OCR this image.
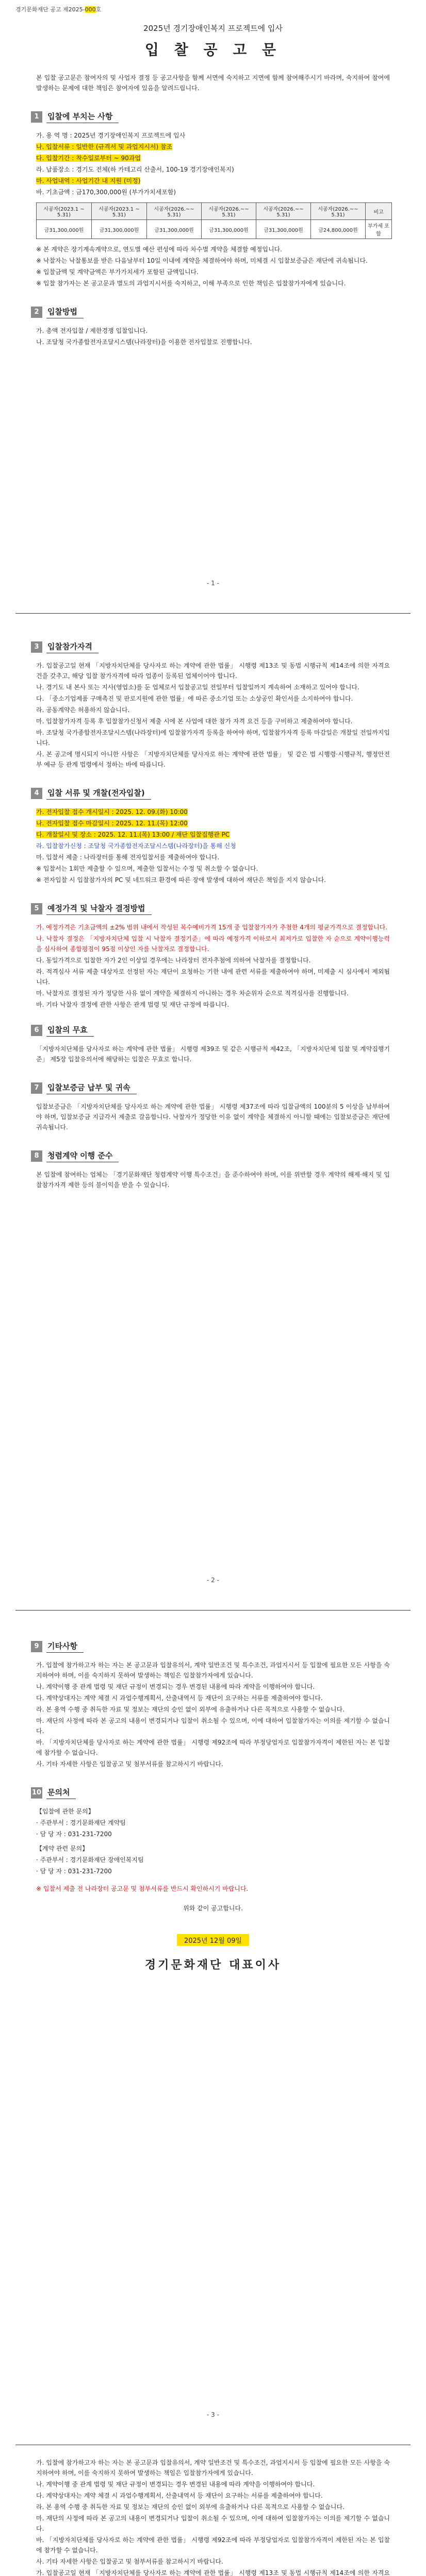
경기문화재단 공고 제2025-000호
2025년 경기장애인복지 프로젝트에 입사
입 찰 공 고 문
본 입찰 공고문은 참여자의 및 사업자 결정 등 공고사항을 함께 서면에 숙지하고 지면에 함께 참여해주시기 바라며, 숙지하여 참여에 발생하는 문제에 대한 책임은 참여자에 있음을 알려드립니다.
1	입찰에 부치는 사항
가. 용 역 명 : 2025년 경기장애인복지 프로젝트에 입사
나. 입찰서류 : 일반한 (규격서 및 과업지시서) 참조
다. 입찰기간 : 착수일로부터 ~ 90과업
라. 납품장소 : 경기도 전체(하 카테고리 산출서, 100-19 경기장애인복지)
마. 사업내역 : 사업기간 내 지원 (미정)
바. 기초금액 : 금170,300,000원 (부가가치세포함)
시공자(2023.1 ~ 5.31)	시공자(2023.1 ~ 5.31)	시공자(2026.~~ 5.31)	시공자(2026.~~ 5.31)	시공자(2026.~~ 5.31)	시공자(2026.~~ 5.31)	비고
금31,300,000원	금31,300,000원	금31,300,000원	금31,300,000원	금31,300,000원	금24,800,000원	부가세 포함
※ 본 계약은 장기계속계약으로, 연도별 예산 편성에 따라 차수별 계약을 체결할 예정입니다.
※ 낙찰자는 낙찰통보를 받은 다음날부터 10일 이내에 계약을 체결하여야 하며, 미체결 시 입찰보증금은 재단에 귀속됩니다.
※ 입찰금액 및 계약금액은 부가가치세가 포함된 금액입니다.
※ 입찰 참가자는 본 공고문과 별도의 과업지시서를 숙지하고, 이해 부족으로 인한 책임은 입찰참가자에게 있습니다.
2	입찰방법
가. 총액 전자입찰 / 제한경쟁 입찰입니다.
나. 조달청 국가종합전자조달시스템(나라장터)을 이용한 전자입찰로 진행합니다.
- 1 -
3	입찰참가자격
가. 입찰공고일 현재 「지방자치단체를 당사자로 하는 계약에 관한 법률」 시행령 제13조 및 동법 시행규칙 제14조에 의한 자격요건을 갖추고, 해당 입찰 참가자격에 따라 업종이 등록된 업체이어야 합니다.
나. 경기도 내 본사 또는 지사(영업소)를 둔 업체로서 입찰공고일 전일부터 입찰일까지 계속하여 소재하고 있어야 합니다.
다. 「중소기업제품 구매촉진 및 판로지원에 관한 법률」에 따른 중소기업 또는 소상공인 확인서를 소지하여야 합니다.
라. 공동계약은 허용하지 않습니다.
마. 입찰참가자격 등록 후 입찰참가신청서 제출 시에 본 사업에 대한 참가 자격 요건 등을 구비하고 제출하여야 합니다.
바. 조달청 국가종합전자조달시스템(나라장터)에 입찰참가자격 등록을 하여야 하며, 입찰참가자격 등록 마감일은 개찰일 전일까지입니다.
사. 본 공고에 명시되지 아니한 사항은 「지방자치단체를 당사자로 하는 계약에 관한 법률」 및 같은 법 시행령·시행규칙, 행정안전부 예규 등 관계 법령에서 정하는 바에 따릅니다.
4	입찰 서류 및 개찰(전자입찰)
가. 전자입찰 접수 개시일시 : 2025. 12. 09.(화) 10:00
나. 전자입찰 접수 마감일시 : 2025. 12. 11.(목) 12:00
다. 개찰일시 및 장소 : 2025. 12. 11.(목) 13:00 / 재단 입찰집행관 PC
라. 입찰참가신청 : 조달청 국가종합전자조달시스템(나라장터)을 통해 신청
마. 입찰서 제출 : 나라장터를 통해 전자입찰서를 제출하여야 합니다.
※ 입찰서는 1회만 제출할 수 있으며, 제출한 입찰서는 수정 및 취소할 수 없습니다.
※ 전자입찰 시 입찰참가자의 PC 및 네트워크 환경에 따른 장애 발생에 대하여 재단은 책임을 지지 않습니다.
5	예정가격 및 낙찰자 결정방법
가. 예정가격은 기초금액의 ±2% 범위 내에서 작성된 복수예비가격 15개 중 입찰참가자가 추첨한 4개의 평균가격으로 결정합니다.
나. 낙찰자 결정은 「지방자치단체 입찰 시 낙찰자 결정기준」에 따라 예정가격 이하로서 최저가로 입찰한 자 순으로 계약이행능력을 심사하여 종합평점이 95점 이상인 자를 낙찰자로 결정합니다.
다. 동일가격으로 입찰한 자가 2인 이상일 경우에는 나라장터 전자추첨에 의하여 낙찰자를 결정합니다.
라. 적격심사 서류 제출 대상자로 선정된 자는 재단이 요청하는 기한 내에 관련 서류를 제출하여야 하며, 미제출 시 심사에서 제외됩니다.
마. 낙찰자로 결정된 자가 정당한 사유 없이 계약을 체결하지 아니하는 경우 차순위자 순으로 적격심사를 진행합니다.
바. 기타 낙찰자 결정에 관한 사항은 관계 법령 및 재단 규정에 따릅니다.
6	입찰의 무효
「지방자치단체를 당사자로 하는 계약에 관한 법률」 시행령 제39조 및 같은 시행규칙 제42조, 「지방자치단체 입찰 및 계약집행기준」 제5장 입찰유의서에 해당하는 입찰은 무효로 합니다.
7	입찰보증금 납부 및 귀속
입찰보증금은 「지방자치단체를 당사자로 하는 계약에 관한 법률」 시행령 제37조에 따라 입찰금액의 100분의 5 이상을 납부하여야 하며, 입찰보증금 지급각서 제출로 갈음합니다. 낙찰자가 정당한 이유 없이 계약을 체결하지 아니할 때에는 입찰보증금은 재단에 귀속됩니다.
8	청렴계약 이행 준수
본 입찰에 참여하는 업체는 「경기문화재단 청렴계약 이행 특수조건」을 준수하여야 하며, 이를 위반할 경우 계약의 해제·해지 및 입찰참가자격 제한 등의 불이익을 받을 수 있습니다.
- 2 -
9	기타사항
가. 입찰에 참가하고자 하는 자는 본 공고문과 입찰유의서, 계약 일반조건 및 특수조건, 과업지시서 등 입찰에 필요한 모든 사항을 숙지하여야 하며, 이를 숙지하지 못하여 발생하는 책임은 입찰참가자에게 있습니다.
나. 계약이행 중 관계 법령 및 재단 규정이 변경되는 경우 변경된 내용에 따라 계약을 이행하여야 합니다.
다. 계약상대자는 계약 체결 시 과업수행계획서, 산출내역서 등 재단이 요구하는 서류를 제출하여야 합니다.
라. 본 용역 수행 중 취득한 자료 및 정보는 재단의 승인 없이 외부에 유출하거나 다른 목적으로 사용할 수 없습니다.
마. 재단의 사정에 따라 본 공고의 내용이 변경되거나 입찰이 취소될 수 있으며, 이에 대하여 입찰참가자는 이의를 제기할 수 없습니다.
바. 「지방자치단체를 당사자로 하는 계약에 관한 법률」 시행령 제92조에 따라 부정당업자로 입찰참가자격이 제한된 자는 본 입찰에 참가할 수 없습니다.
사. 기타 자세한 사항은 입찰공고 및 첨부서류를 참고하시기 바랍니다.
10 문의처
【입찰에 관한 문의】
· 주관부서 : 경기문화재단 계약팀
· 담 당 자 : 031-231-7200
【계약 관련 문의】
· 주관부서 : 경기문화재단 장애인복지팀
· 담 당 자 : 031-231-7200
※ 입찰서 제출 전 나라장터 공고문 및 첨부서류를 반드시 확인하시기 바랍니다.
위와 같이 공고합니다.
2025년 12월 09일
경기문화재단 대표이사
- 3 -
가. 입찰에 참가하고자 하는 자는 본 공고문과 입찰유의서, 계약 일반조건 및 특수조건, 과업지시서 등 입찰에 필요한 모든 사항을 숙지하여야 하며, 이를 숙지하지 못하여 발생하는 책임은 입찰참가자에게 있습니다.
나. 계약이행 중 관계 법령 및 재단 규정이 변경되는 경우 변경된 내용에 따라 계약을 이행하여야 합니다.
다. 계약상대자는 계약 체결 시 과업수행계획서, 산출내역서 등 재단이 요구하는 서류를 제출하여야 합니다.
라. 본 용역 수행 중 취득한 자료 및 정보는 재단의 승인 없이 외부에 유출하거나 다른 목적으로 사용할 수 없습니다.
마. 재단의 사정에 따라 본 공고의 내용이 변경되거나 입찰이 취소될 수 있으며, 이에 대하여 입찰참가자는 이의를 제기할 수 없습니다.
바. 「지방자치단체를 당사자로 하는 계약에 관한 법률」 시행령 제92조에 따라 부정당업자로 입찰참가자격이 제한된 자는 본 입찰에 참가할 수 없습니다.
사. 기타 자세한 사항은 입찰공고 및 첨부서류를 참고하시기 바랍니다.
가. 입찰공고일 현재 「지방자치단체를 당사자로 하는 계약에 관한 법률」 시행령 제13조 및 동법 시행규칙 제14조에 의한 자격요
